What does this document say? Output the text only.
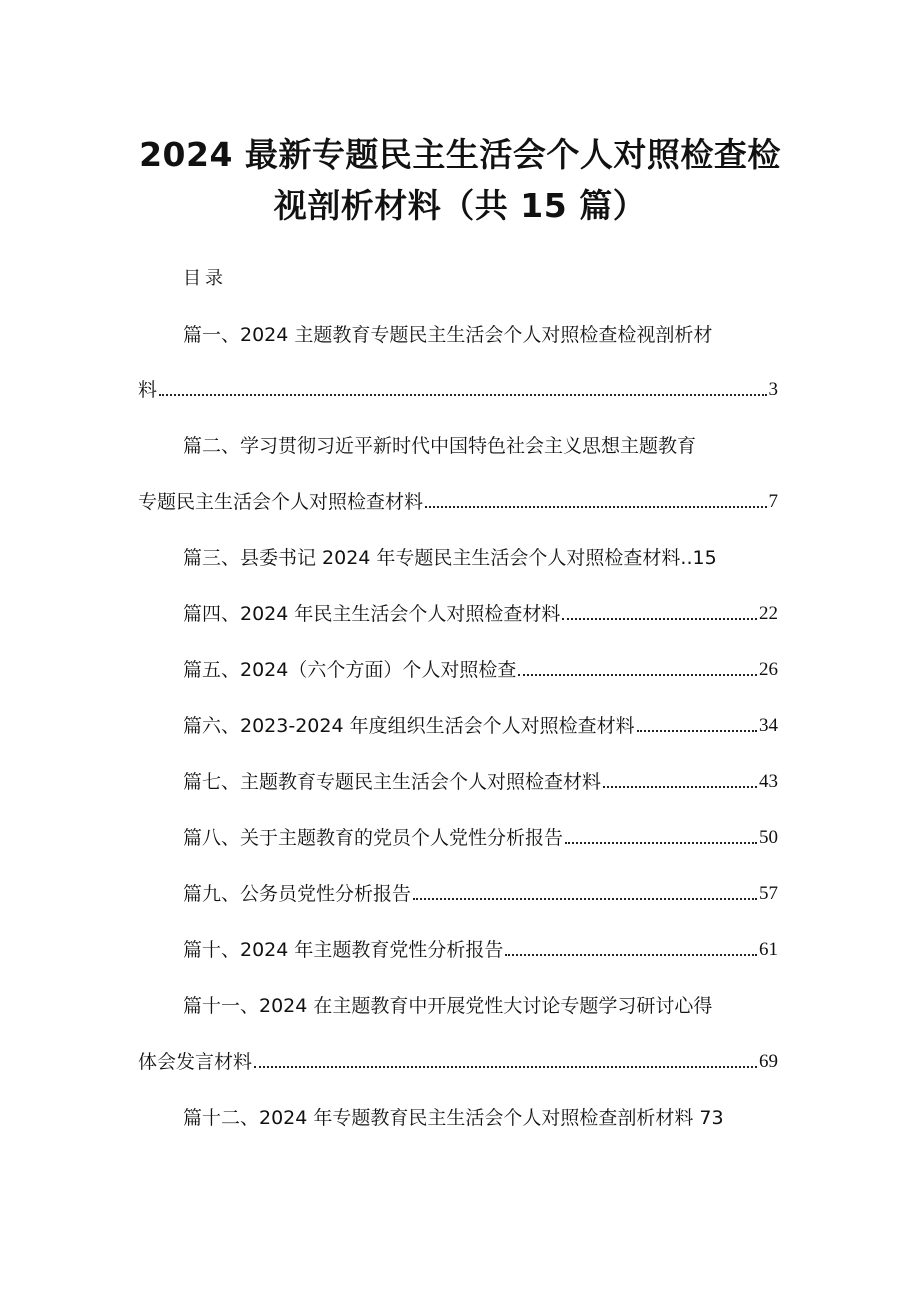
2024 最新专题民主生活会个人对照检查检
视剖析材料（共 15 篇）
目录
篇一、2024 主题教育专题民主生活会个人对照检查检视剖析材
料	3
篇二、学习贯彻习近平新时代中国特色社会主义思想主题教育
专题民主生活会个人对照检查材料	7
篇三、县委书记 2024 年专题民主生活会个人对照检查材料..15
篇四、2024 年民主生活会个人对照检查材料	22
篇五、2024（六个方面）个人对照检查	26
篇六、2023-2024 年度组织生活会个人对照检查材料	34
篇七、主题教育专题民主生活会个人对照检查材料	43
篇八、关于主题教育的党员个人党性分析报告	50
篇九、公务员党性分析报告	57
篇十、2024 年主题教育党性分析报告	61
篇十一、2024 在主题教育中开展党性大讨论专题学习研讨心得
体会发言材料	69
篇十二、2024 年专题教育民主生活会个人对照检查剖析材料 73
